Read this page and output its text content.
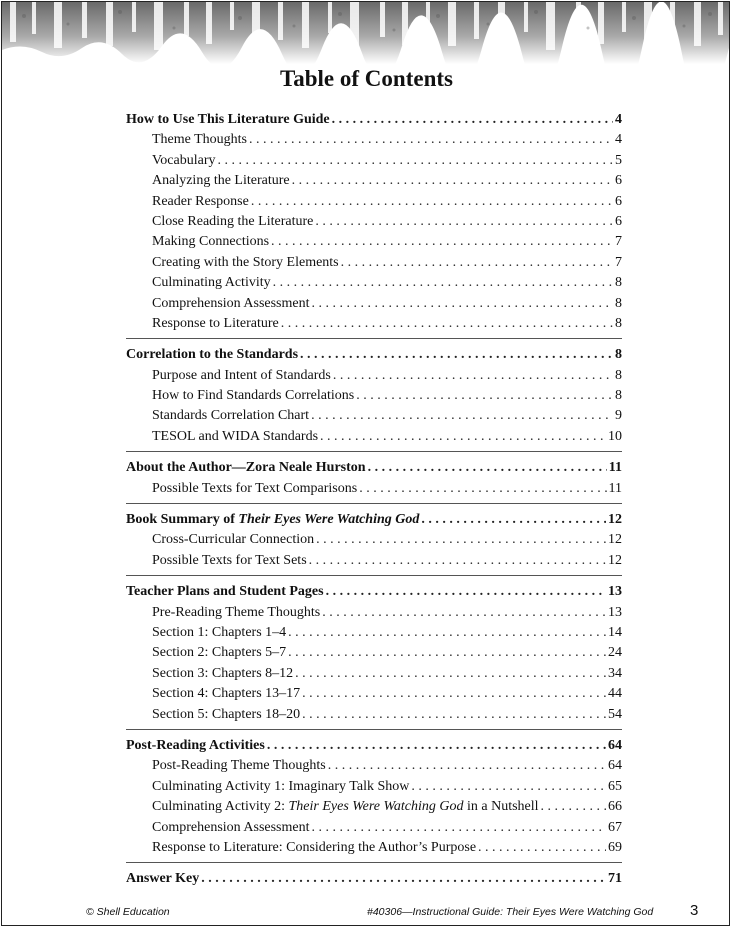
Table of Contents
How to Use This Literature Guide . . .	4
Theme Thoughts . . .	4
Vocabulary . . .	5
Analyzing the Literature . . .	6
Reader Response . . .	6
Close Reading the Literature . . .	6
Making Connections . . .	7
Creating with the Story Elements . . .	7
Culminating Activity . . .	8
Comprehension Assessment . . .	8
Response to Literature . . .	8
Correlation to the Standards . . .	8
Purpose and Intent of Standards . . .	8
How to Find Standards Correlations . . .	8
Standards Correlation Chart . . .	9
TESOL and WIDA Standards . . .	10
About the Author—Zora Neale Hurston . . .	11
Possible Texts for Text Comparisons . . .	11
Book Summary of Their Eyes Were Watching God . . .	12
Cross-Curricular Connection . . .	12
Possible Texts for Text Sets . . .	12
Teacher Plans and Student Pages . . .	13
Pre-Reading Theme Thoughts . . .	13
Section 1: Chapters 1–4 . . .	14
Section 2: Chapters 5–7 . . .	24
Section 3: Chapters 8–12 . . .	34
Section 4: Chapters 13–17 . . .	44
Section 5: Chapters 18–20 . . .	54
Post-Reading Activities . . .	64
Post-Reading Theme Thoughts . . .	64
Culminating Activity 1: Imaginary Talk Show . . .	65
Culminating Activity 2: Their Eyes Were Watching God in a Nutshell . . .	66
Comprehension Assessment . . .	67
Response to Literature: Considering the Author’s Purpose . . .	69
Answer Key . . .	71
© Shell Education	#40306—Instructional Guide: Their Eyes Were Watching God 3
